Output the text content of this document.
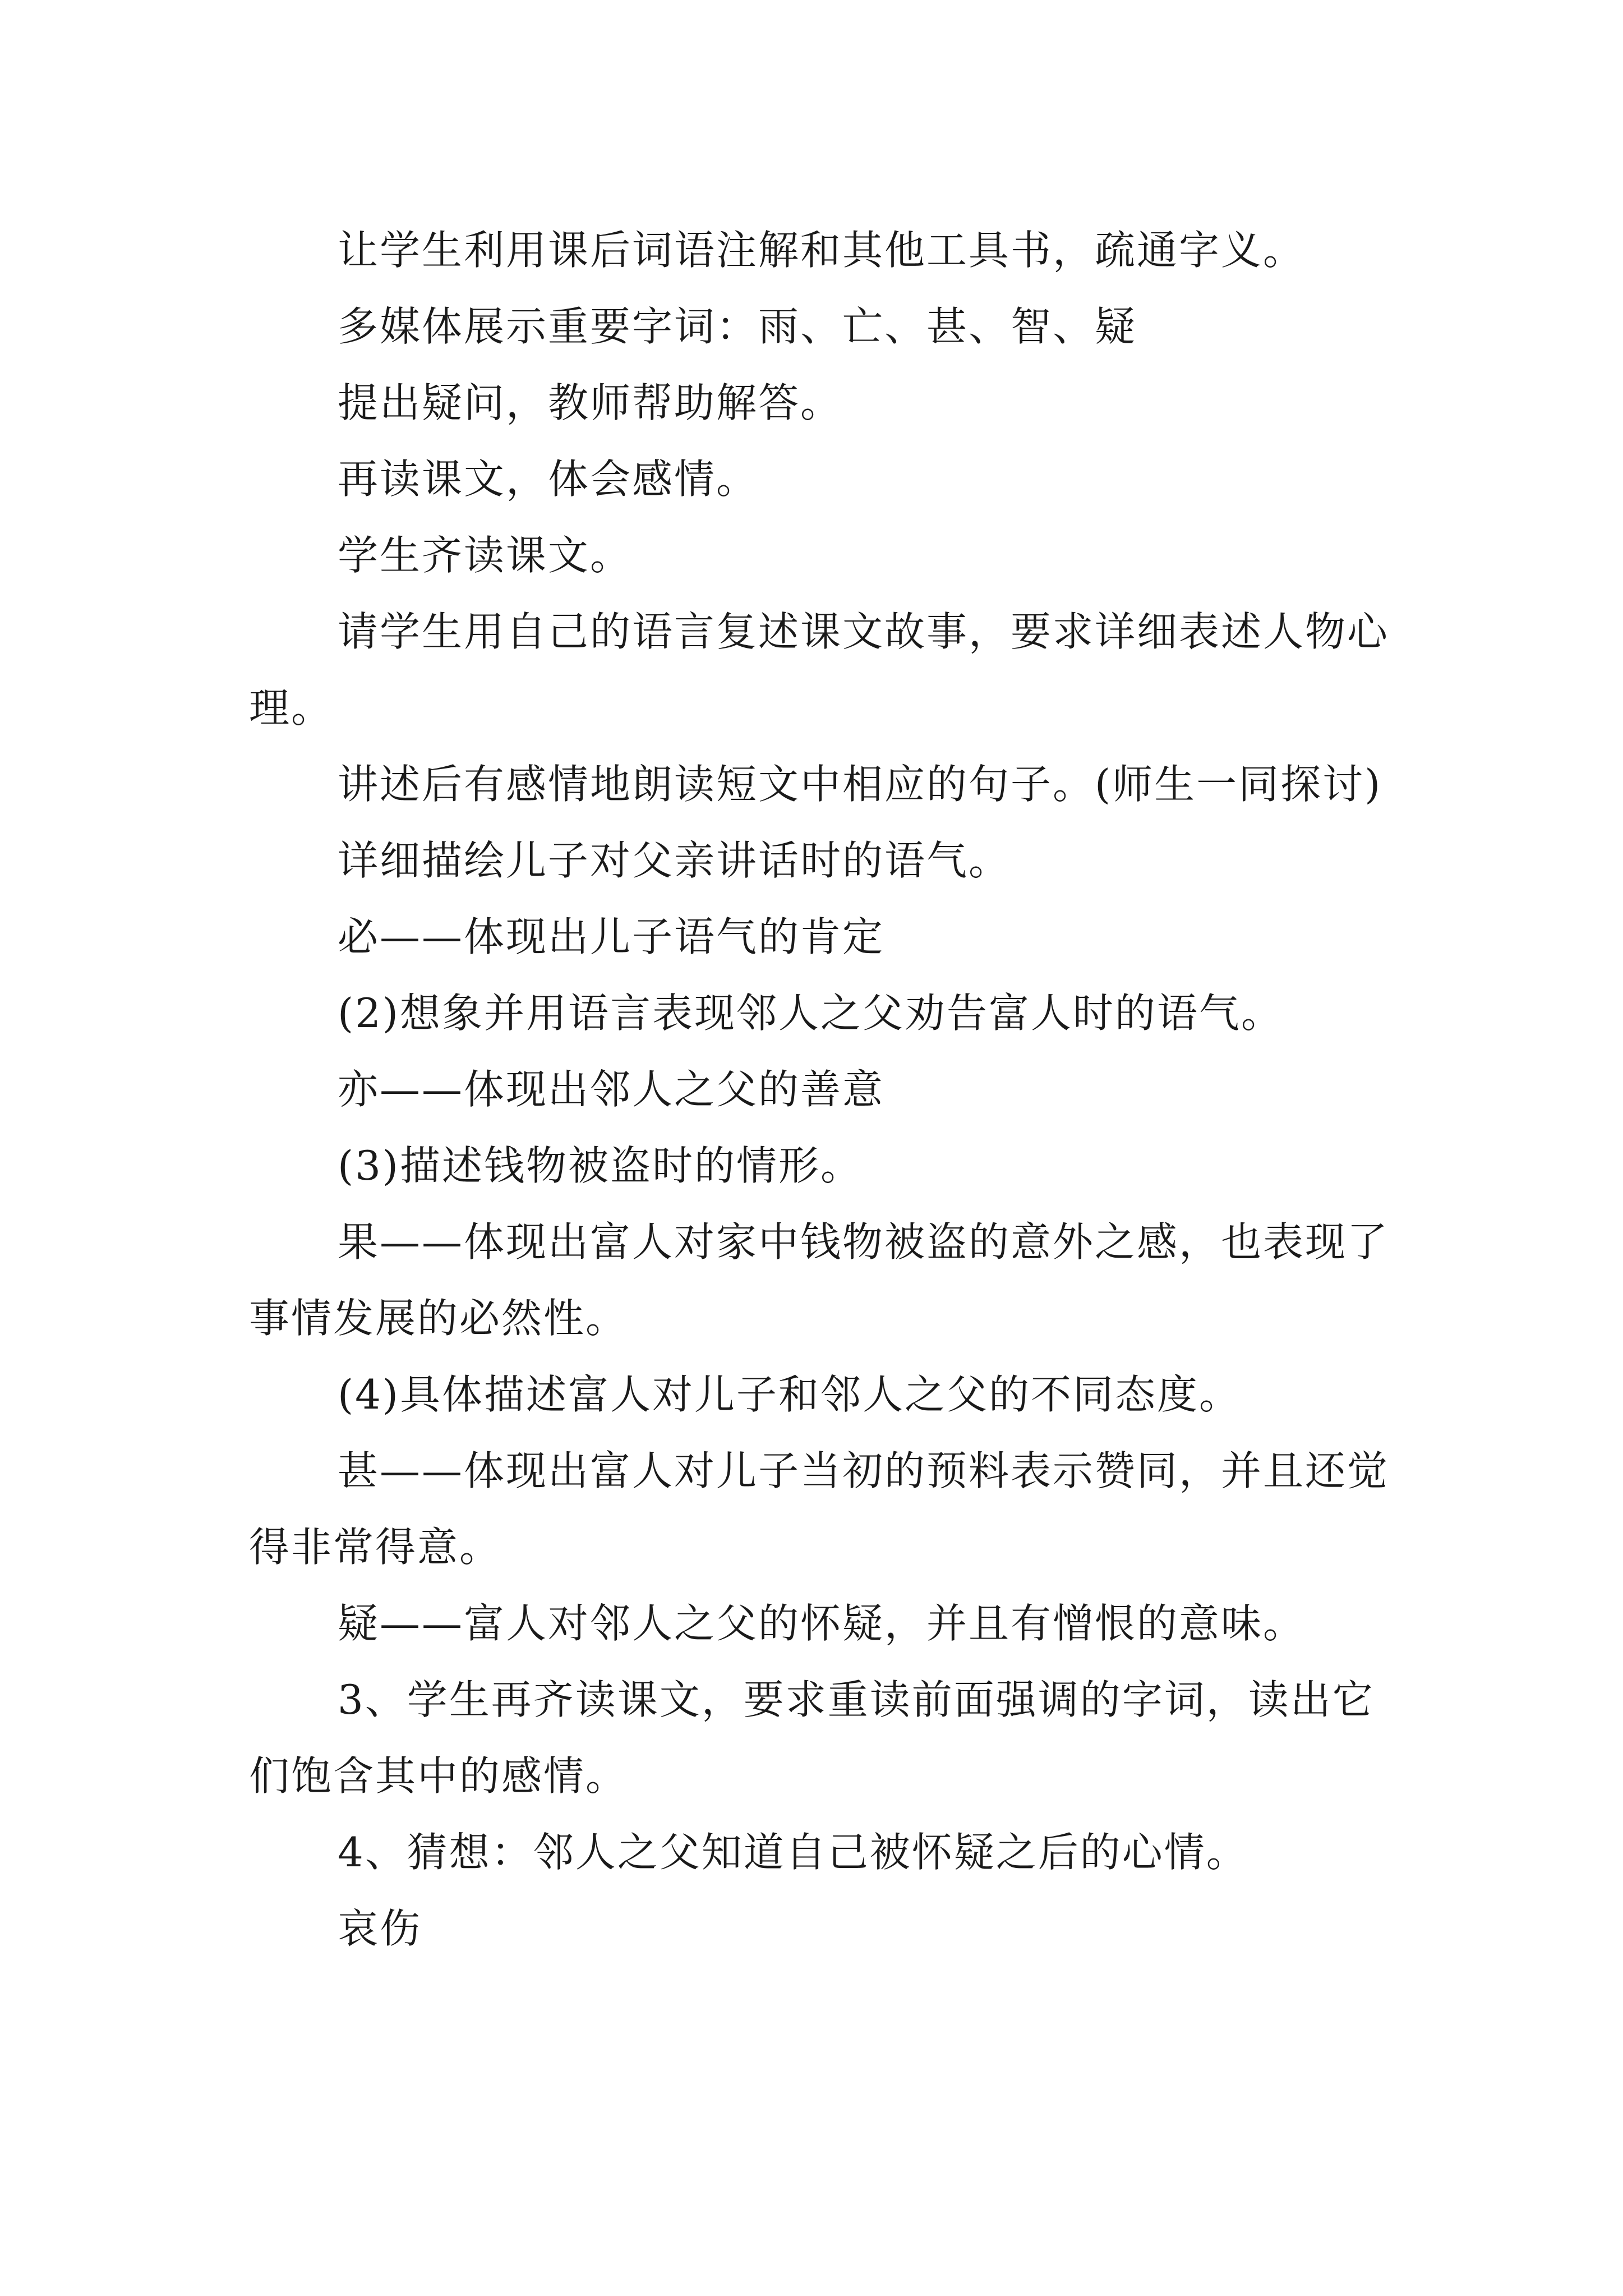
让学生利用课后词语注解和其他工具书，疏通字义。

多媒体展示重要字词：雨、亡、甚、智、疑

提出疑问，教师帮助解答。

再读课文，体会感情。

学生齐读课文。

请学生用自己的语言复述课文故事，要求详细表述人物心理。

讲述后有感情地朗读短文中相应的句子。(师生一同探讨)

详细描绘儿子对父亲讲话时的语气。

必——体现出儿子语气的肯定

(2)想象并用语言表现邻人之父劝告富人时的语气。

亦——体现出邻人之父的善意

(3)描述钱物被盗时的情形。

果——体现出富人对家中钱物被盗的意外之感，也表现了事情发展的必然性。

(4)具体描述富人对儿子和邻人之父的不同态度。

甚——体现出富人对儿子当初的预料表示赞同，并且还觉得非常得意。

疑——富人对邻人之父的怀疑，并且有憎恨的意味。

3、学生再齐读课文，要求重读前面强调的字词，读出它们饱含其中的感情。

4、猜想：邻人之父知道自己被怀疑之后的心情。

哀伤
